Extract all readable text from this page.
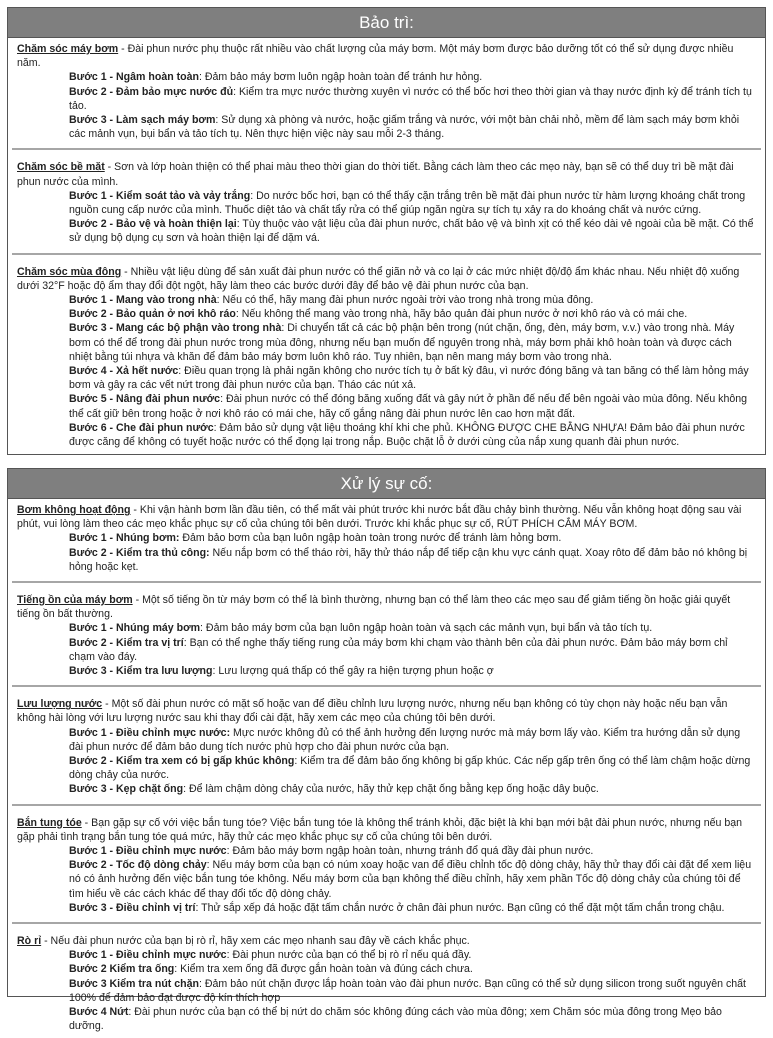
Bảo trì:
Chăm sóc máy bơm - Đài phun nước phụ thuộc rất nhiều vào chất lượng của máy bơm. Một máy bơm được bảo dưỡng tốt có thể sử dụng được nhiều năm.
Bước 1 - Ngâm hoàn toàn: Đảm bảo máy bơm luôn ngập hoàn toàn để tránh hư hỏng.
Bước 2 - Đảm bảo mực nước đủ: Kiểm tra mực nước thường xuyên vì nước có thể bốc hơi theo thời gian và thay nước định kỳ để tránh tích tụ tảo.
Bước 3 - Làm sạch máy bơm: Sử dụng xà phòng và nước, hoặc giấm trắng và nước, với một bàn chải nhỏ, mềm để làm sạch máy bơm khỏi các mảnh vụn, bụi bẩn và tảo tích tụ. Nên thực hiện việc này sau mỗi 2-3 tháng.
Chăm sóc bề mặt - Sơn và lớp hoàn thiện có thể phai màu theo thời gian do thời tiết. Bằng cách làm theo các mẹo này, bạn sẽ có thể duy trì bề mặt đài phun nước của mình.
Bước 1 - Kiểm soát tảo và vảy trắng: Do nước bốc hơi, bạn có thể thấy cặn trắng trên bề mặt đài phun nước từ hàm lượng khoáng chất trong nguồn cung cấp nước của mình. Thuốc diệt tảo và chất tẩy rửa có thể giúp ngăn ngừa sự tích tụ xảy ra do khoáng chất và nước cứng.
Bước 2 - Bảo vệ và hoàn thiện lại: Tùy thuộc vào vật liệu của đài phun nước, chất bảo vệ và bình xịt có thể kéo dài vẻ ngoài của bề mặt. Có thể sử dụng bộ dụng cụ sơn và hoàn thiện lại để dặm vá.
Chăm sóc mùa đông - Nhiều vật liệu dùng để sản xuất đài phun nước có thể giãn nở và co lại ở các mức nhiệt độ/độ ẩm khác nhau. Nếu nhiệt độ xuống dưới 32°F hoặc độ ẩm thay đổi đột ngột, hãy làm theo các bước dưới đây để bảo vệ đài phun nước của bạn.
Bước 1 - Mang vào trong nhà: Nếu có thể, hãy mang đài phun nước ngoài trời vào trong nhà trong mùa đông.
Bước 2 - Bảo quản ở nơi khô ráo: Nếu không thể mang vào trong nhà, hãy bảo quản đài phun nước ở nơi khô ráo và có mái che.
Bước 3 - Mang các bộ phận vào trong nhà: Di chuyển tất cả các bộ phận bên trong (nút chặn, ống, đèn, máy bơm, v.v.) vào trong nhà. Máy bơm có thể để trong đài phun nước trong mùa đông, nhưng nếu bạn muốn để nguyên trong nhà, máy bơm phải khô hoàn toàn và được cách nhiệt bằng túi nhựa và khăn để đảm bảo máy bơm luôn khô ráo. Tuy nhiên, bạn nên mang máy bơm vào trong nhà.
Bước 4 - Xả hết nước: Điều quan trọng là phải ngăn không cho nước tích tụ ở bất kỳ đâu, vì nước đóng băng và tan băng có thể làm hỏng máy bơm và gây ra các vết nứt trong đài phun nước của bạn. Tháo các nút xả.
Bước 5 - Nâng đài phun nước: Đài phun nước có thể đóng băng xuống đất và gây nứt ở phần đế nếu để bên ngoài vào mùa đông. Nếu không thể cất giữ bên trong hoặc ở nơi khô ráo có mái che, hãy cố gắng nâng đài phun nước lên cao hơn mặt đất.
Bước 6 - Che đài phun nước: Đảm bảo sử dụng vật liệu thoáng khí khi che phủ. KHÔNG ĐƯỢC CHE BẰNG NHỰA! Đảm bảo đài phun nước được căng để không có tuyết hoặc nước có thể đọng lại trong nắp. Buộc chặt lỗ ở dưới cùng của nắp xung quanh đài phun nước.
Xử lý sự cố:
Bơm không hoạt động - Khi vận hành bơm lần đầu tiên, có thể mất vài phút trước khi nước bắt đầu chảy bình thường. Nếu vẫn không hoạt động sau vài phút, vui lòng làm theo các mẹo khắc phục sự cố của chúng tôi bên dưới. Trước khi khắc phục sự cố, RÚT PHÍCH CẮM MÁY BƠM.
Bước 1 - Nhúng bơm: Đảm bảo bơm của bạn luôn ngập hoàn toàn trong nước để tránh làm hỏng bơm.
Bước 2 - Kiểm tra thủ công: Nếu nắp bơm có thể tháo rời, hãy thử tháo nắp để tiếp cận khu vực cánh quạt. Xoay rôto để đảm bảo nó không bị hỏng hoặc kẹt.
Tiếng ồn của máy bơm - Một số tiếng ồn từ máy bơm có thể là bình thường, nhưng bạn có thể làm theo các mẹo sau để giảm tiếng ồn hoặc giải quyết tiếng ồn bất thường.
Bước 1 - Nhúng máy bơm: Đảm bảo máy bơm của bạn luôn ngập hoàn toàn và sạch các mảnh vụn, bụi bẩn và tảo tích tụ.
Bước 2 - Kiểm tra vị trí: Bạn có thể nghe thấy tiếng rung của máy bơm khi chạm vào thành bên của đài phun nước. Đảm bảo máy bơm chỉ chạm vào đáy.
Bước 3 - Kiểm tra lưu lượng: Lưu lượng quá thấp có thể gây ra hiện tượng phun hoặc ợ
Lưu lượng nước - Một số đài phun nước có mặt số hoặc van để điều chỉnh lưu lượng nước, nhưng nếu bạn không có tùy chọn này hoặc nếu bạn vẫn không hài lòng với lưu lượng nước sau khi thay đổi cài đặt, hãy xem các mẹo của chúng tôi bên dưới.
Bước 1 - Điều chỉnh mực nước: Mực nước không đủ có thể ảnh hưởng đến lượng nước mà máy bơm lấy vào. Kiểm tra hướng dẫn sử dụng đài phun nước để đảm bảo dung tích nước phù hợp cho đài phun nước của bạn.
Bước 2 - Kiểm tra xem có bị gấp khúc không: Kiểm tra để đảm bảo ống không bị gấp khúc. Các nếp gấp trên ống có thể làm chậm hoặc dừng dòng chảy của nước.
Bước 3 - Kẹp chặt ống: Để làm chậm dòng chảy của nước, hãy thử kẹp chặt ống bằng kẹp ống hoặc dây buộc.
Bắn tung tóe - Bạn gặp sự cố với việc bắn tung tóe? Việc bắn tung tóe là không thể tránh khỏi, đặc biệt là khi bạn mới bật đài phun nước, nhưng nếu bạn gặp phải tình trạng bắn tung tóe quá mức, hãy thử các mẹo khắc phục sự cố của chúng tôi bên dưới.
Bước 1 - Điều chỉnh mực nước: Đảm bảo máy bơm ngập hoàn toàn, nhưng tránh đổ quá đầy đài phun nước.
Bước 2 - Tốc độ dòng chảy: Nếu máy bơm của bạn có núm xoay hoặc van để điều chỉnh tốc độ dòng chảy, hãy thử thay đổi cài đặt để xem liệu nó có ảnh hưởng đến việc bắn tung tóe không. Nếu máy bơm của bạn không thể điều chỉnh, hãy xem phần Tốc độ dòng chảy của chúng tôi để tìm hiểu về các cách khác để thay đổi tốc độ dòng chảy.
Bước 3 - Điều chỉnh vị trí: Thử sắp xếp đá hoặc đặt tấm chắn nước ở chân đài phun nước. Bạn cũng có thể đặt một tấm chắn trong chậu.
Rò rỉ - Nếu đài phun nước của bạn bị rò rỉ, hãy xem các mẹo nhanh sau đây về cách khắc phục.
Bước 1 - Điều chỉnh mực nước: Đài phun nước của bạn có thể bị rò rỉ nếu quá đầy.
Bước 2 Kiểm tra ống: Kiểm tra xem ống đã được gắn hoàn toàn và đúng cách chưa.
Bước 3 Kiểm tra nút chặn: Đảm bảo nút chặn được lắp hoàn toàn vào đài phun nước. Bạn cũng có thể sử dụng silicon trong suốt nguyên chất 100% để đảm bảo đạt được độ kín thích hợp
Bước 4 Nứt: Đài phun nước của bạn có thể bị nứt do chăm sóc không đúng cách vào mùa đông; xem Chăm sóc mùa đông trong Mẹo bảo dưỡng.
